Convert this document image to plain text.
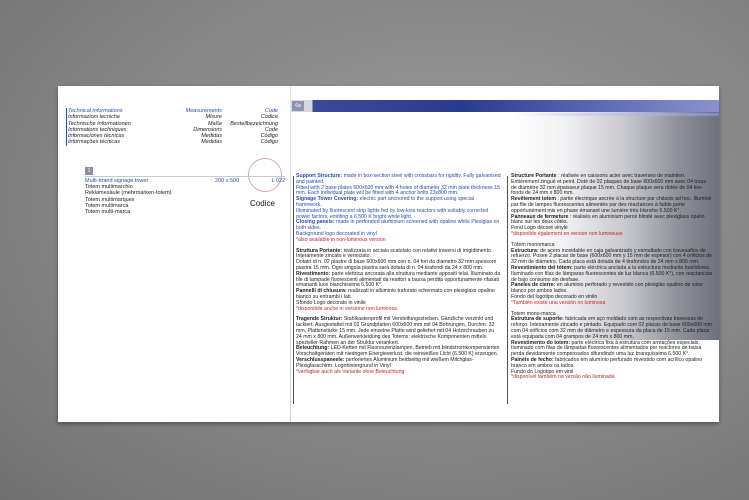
6a
Technical informations	Measurements	Code
Informazioni tecniche	Misure	Codice
Technische Informationen	Maße	Bestellbezeichnung
Informations techniques	Dimensions	Code
Informaciones técnicas	Medidas	Código
Informações técnicas	Medidas	Código
1
Multi-brand signage tower	200 x 500	L 022
Totem multimarchio
Reklamesäule (mehrmarken-totem)
Totem multimarques
Totem multimarca
Totem multi-marca
Codice

Support Structure: made in box-section steel with crossbars for rigidity. Fully galvanised and painted.
Fitted with 2 base plates 600x600 mm with 4 holes of diameter 32 mm plate thickness 15 mm. Each individual plate will be fitted with 4 anchor bolts 23x800 mm.
Signage Tower Covering: electric part anchored to the support using special framework.
Illuminated by fluorescent strip lights fed by low-loss reactors with suitably corrected power factors, emitting a 6,500 K bright white light.
Closing panels: made in perforated aluminium screened with opaline white Plexiglas on both sides.
Background logo decorated in vinyl
*also available in non-luminous version

Struttura Portante: realizzata in acciaio scatolato con relativi traversi di irrigidimento. Interamente zincato e verniciato.
Dotato di n. 02 piastre di base 600x600 mm con n. 04 fori da diametro 32 mm spessore piastra 15 mm. Ogni singola piastra sarà dotata di n. 04 tirafondi da 24 x 800 mm.
Rivestimento: parte elettrica ancorata alla struttura mediante appositi telai. Illuminato da file di tampade fluorescenti alimentati da reattori a bassa perdita opportunamente rifasati emananti luce bianchissima 6.500 K°.
Pannelli di chiusura: realizzati in alluminio traforato schermato con plexiglass opalino bianco su entrambi i lati.
Sfondo Logo decorato in vinile
*disponibile anche in versione non luminosa

Tragende Struktur: Stahlkastenprofil mit Versteifungsstreben. Gänzliche verzinkt und lackiert. Ausgestattet mit 02 Grundplatten 600x600 mm mit 04 Bohrungen, Durchm. 32 mm, Plattenstärke 15 mm. Jede einzelne Platte wird geliefert mit 04 Holzschrauben zu 24 mm x 800 mm. Außenverkleidung des Totems: elektrische Komponenten mittels spezieller Rahmen an der Struktur verankert.
Beleuchtung: LED-Ketten mit Fluoreszenzlampen, Betrieb mit blindstromkompensierten Vorschaltgeräten mit niedrigem Energieverlust, die reinweißes Licht (6.500 K) erzeugen.
Verschlusspaneele: perforiertes Aluminium beidseitig mit weißem Milchglas-Plexiglasschirm. Logohintergrund in Vinyl
*verfügbar auch als Variante ohne Beleuchtung

Structure Portante : réalisée en caissons acier avec traverses de maintien. Entièrement zingué et peint. Doté de 02 plaques de base 600x600 mm avec 04 trous de diamètre 32 mm épaisseur plaque 15 mm. Chaque plaque sera dotée de 04 tire-fonds de 24 mm x 800 mm.
Revêtement totem : partie électrique ancrée à la structure par châssis ad hoc. Illuminé par file de lampes fluorescentes alimentés par des réactances à faible perte opportunément mis en phase émanant une lumière très blanche 6.500 K°.
Panneaux de fermeture : réalisés en aluminium percé blindé avec plexiglass opalin blanc sur les deux côtés.
Fond Logo décoré vinyle
*disponible également en version non lumineuse

Tótem monomarca
Estructura: de acero inoxidable en caja galvanizado y esmaltado con travesaños de refuerzo. Posee 2 placas de base (600x600 mm y 15 mm de espesor) con 4 orificios de 32 mm de diámetro. Cada placa está dotada de 4 tirafondos de 24 mm x 800 mm.
Revestimiento del tótem: parte eléctrica anclada a la estructura mediante bastidores. Iluminado con filas de lámparas fluorescentes de luz blanca (6.500 K°), con reactancias de bajo consumo sin desfase.
Paneles de cierre: en aluminio perforado y revestido con plexiglás opalino de color blanco por ambos lados.
Fondo del logotipo decorado en vinilo
*También existe una versión no luminosa

Totem mono-marca
Estrutura de suporte: fabricada em aço moldado com as respectivas travessas de reforço. Inteiramente zincado e pintado. Equipado com 02 placas de base 600x600 mm com 04 orifícios com 32 mm de diâmetro e espessura da placa de 15 mm. Cada placa está equipada com 04 grampos de 24 mm x 800 mm.
Revestimento do totem: parte eléctrica fixa à estrutura com armações especiais. Iluminado com filas de lâmpadas fluorescentes alimentados por reactores de baixa perda devidamente compensados difundindo uma luz branquíssima 6.500 K°.
Painéis de fecho: fabricados em alumínio perfurado revestido com acrílico opalino branco em ambos os lados.
Fundo do Logotipo em vinil
*disponível também na versão não iluminada
